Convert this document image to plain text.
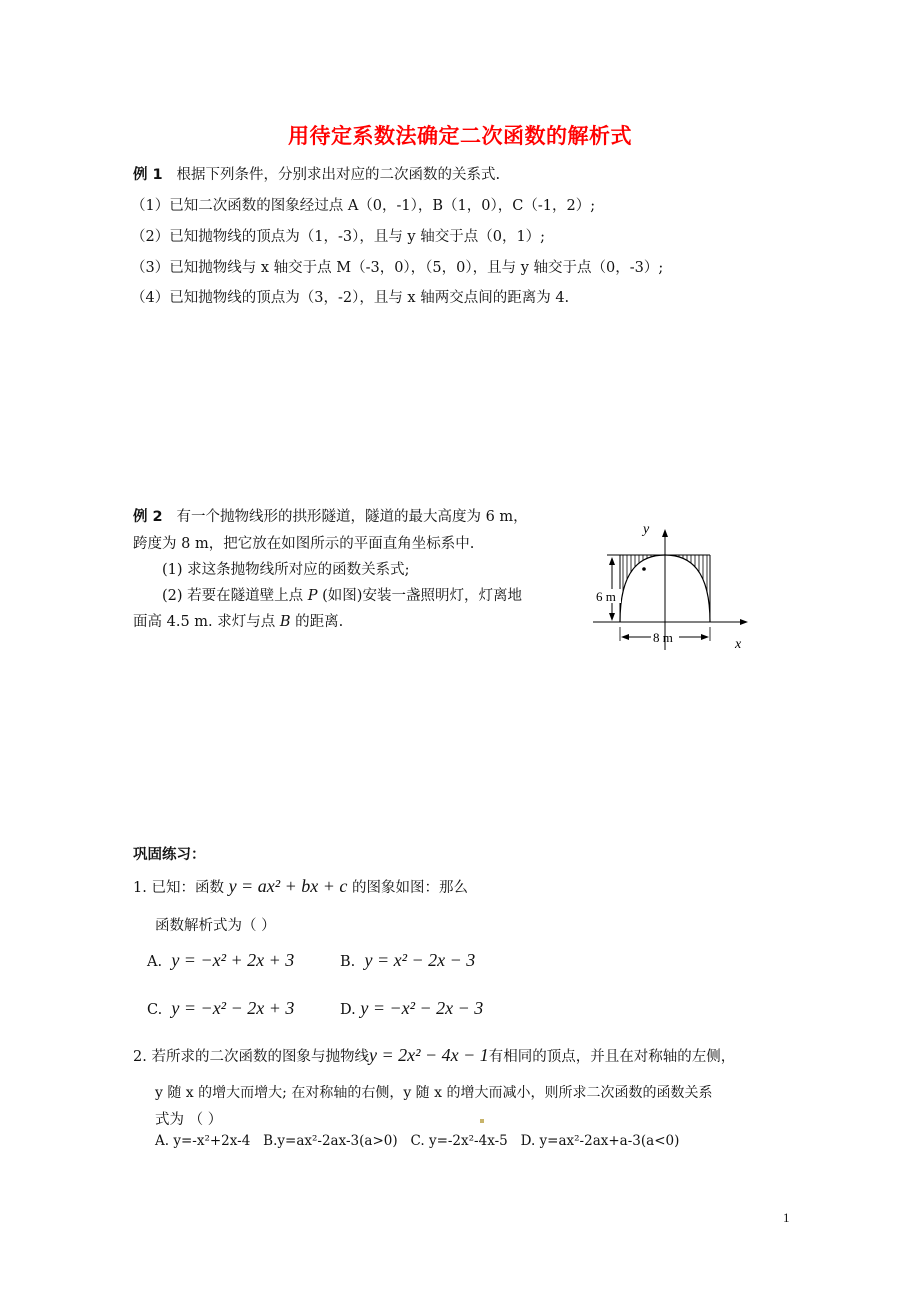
用待定系数法确定二次函数的解析式
例 1 根据下列条件，分别求出对应的二次函数的关系式.
（1）已知二次函数的图象经过点 A（0，-1），B（1，0），C（-1，2）;
（2）已知抛物线的顶点为（1，-3），且与 y 轴交于点（0，1）;
（3）已知抛物线与 x 轴交于点 M（-3，0），（5，0），且与 y 轴交于点（0，-3）;
（4）已知抛物线的顶点为（3，-2），且与 x 轴两交点间的距离为 4.
例 2 有一个抛物线形的拱形隧道，隧道的最大高度为 6 m，
跨度为 8 m，把它放在如图所示的平面直角坐标系中.
(1) 求这条抛物线所对应的函数关系式;
(2) 若要在隧道壁上点 P (如图)安装一盏照明灯，灯离地
面高 4.5 m. 求灯与点 B 的距离.
6 m
8 m
y
x
巩固练习：
1. 已知：函数 y = ax² + bx + c 的图象如图：那么
函数解析式为（ ）
A. y = −x² + 2x + 3	B. y = x² − 2x − 3
C. y = −x² − 2x + 3	D. y = −x² − 2x − 3
2. 若所求的二次函数的图象与抛物线y = 2x² − 4x − 1有相同的顶点，并且在对称轴的左侧，
y 随 x 的增大而增大; 在对称轴的右侧，y 随 x 的增大而减小，则所求二次函数的函数关系
式为 （ ）
A. y=-x²+2x-4 B.y=ax²-2ax-3(a>0) C. y=-2x²-4x-5 D. y=ax²-2ax+a-3(a<0)
1
